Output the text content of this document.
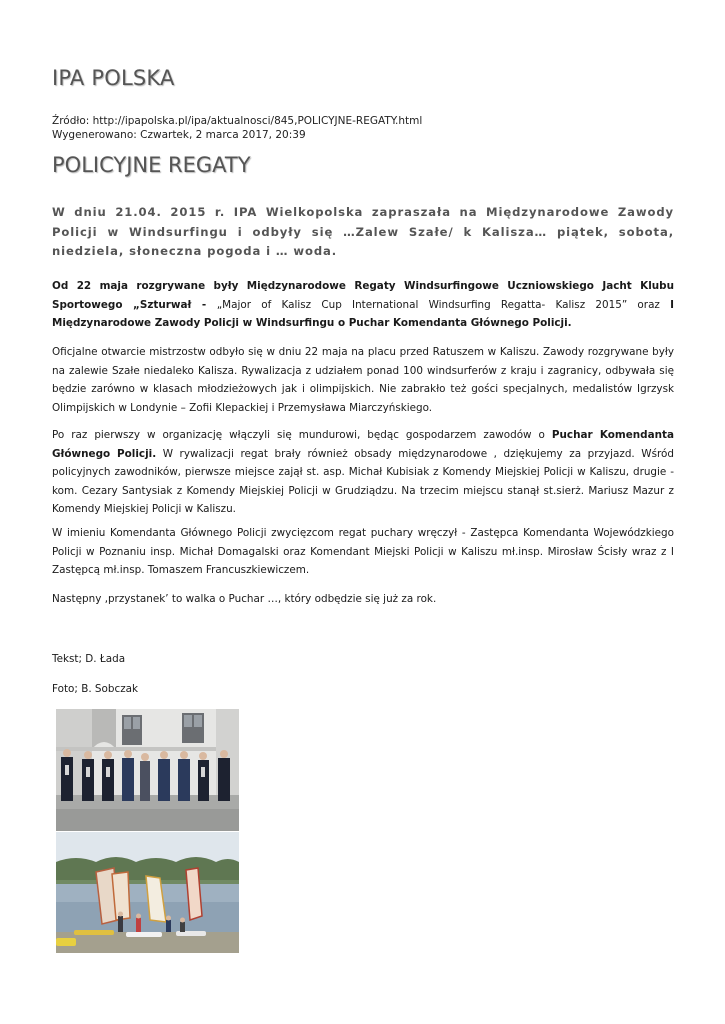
IPA POLSKA
Źródło: http://ipapolska.pl/ipa/aktualnosci/845,POLICYJNE-REGATY.html
Wygenerowano: Czwartek, 2 marca 2017, 20:39
POLICYJNE REGATY

W dniu 21.04. 2015 r. IPA Wielkopolska zapraszała na Międzynarodowe Zawody Policji w Windsurfingu i odbyły się …Zalew Szałe/ k Kalisza… piątek, sobota, niedziela, słoneczna pogoda i … woda.

Od 22 maja rozgrywane były Międzynarodowe Regaty Windsurfingowe Uczniowskiego Jacht Klubu Sportowego „Szturwał - „Major of Kalisz Cup International Windsurfing Regatta- Kalisz 2015” oraz I Międzynarodowe Zawody Policji w Windsurfingu o Puchar Komendanta Głównego Policji.

Oficjalne otwarcie mistrzostw odbyło się w dniu 22 maja na placu przed Ratuszem w Kaliszu. Zawody rozgrywane były na zalewie Szałe niedaleko Kalisza. Rywalizacja z udziałem ponad 100 windsurferów z kraju i zagranicy, odbywała się będzie zarówno w klasach młodzieżowych jak i olimpijskich. Nie zabrakło też gości specjalnych, medalistów Igrzysk Olimpijskich w Londynie – Zofii Klepackiej i Przemysława Miarczyńskiego.

Po raz pierwszy w organizację włączyli się mundurowi, będąc gospodarzem zawodów o Puchar Komendanta Głównego Policji. W rywalizacji regat brały również obsady międzynarodowe , dziękujemy za przyjazd. Wśród policyjnych zawodników, pierwsze miejsce zajął st. asp. Michał Kubisiak z Komendy Miejskiej Policji w Kaliszu, drugie - kom. Cezary Santysiak z Komendy Miejskiej Policji w Grudziądzu. Na trzecim miejscu stanął st.sierż. Mariusz Mazur z Komendy Miejskiej Policji w Kaliszu.

W imieniu Komendanta Głównego Policji zwycięzcom regat puchary wręczył - Zastępca Komendanta Wojewódzkiego Policji w Poznaniu insp. Michał Domagalski oraz Komendant Miejski Policji w Kaliszu mł.insp. Mirosław Ścisły wraz z I Zastępcą mł.insp. Tomaszem Francuszkiewiczem.

Następny ‚przystanek’ to walka o Puchar …, który odbędzie się już za rok.

Tekst; D. Łada

Foto; B. Sobczak
